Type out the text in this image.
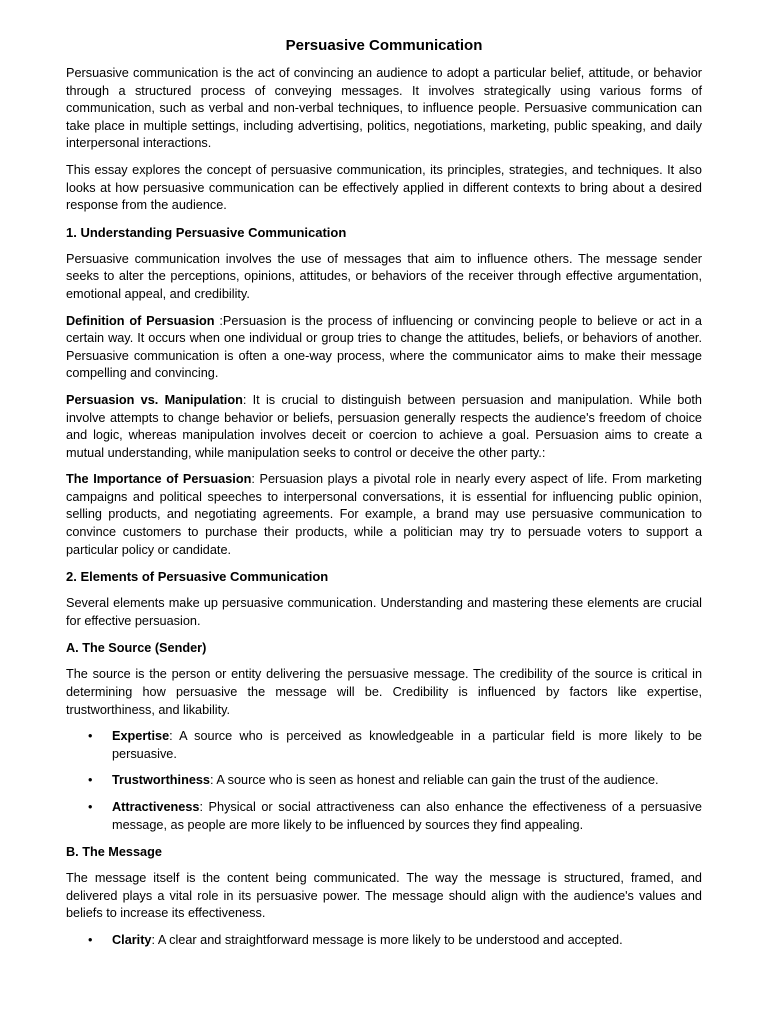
Persuasive Communication

Persuasive communication is the act of convincing an audience to adopt a particular belief, attitude, or behavior through a structured process of conveying messages. It involves strategically using various forms of communication, such as verbal and non-verbal techniques, to influence people. Persuasive communication can take place in multiple settings, including advertising, politics, negotiations, marketing, public speaking, and daily interpersonal interactions.

This essay explores the concept of persuasive communication, its principles, strategies, and techniques. It also looks at how persuasive communication can be effectively applied in different contexts to bring about a desired response from the audience.

1. Understanding Persuasive Communication

Persuasive communication involves the use of messages that aim to influence others. The message sender seeks to alter the perceptions, opinions, attitudes, or behaviors of the receiver through effective argumentation, emotional appeal, and credibility.

Definition of Persuasion :Persuasion is the process of influencing or convincing people to believe or act in a certain way. It occurs when one individual or group tries to change the attitudes, beliefs, or behaviors of another. Persuasive communication is often a one-way process, where the communicator aims to make their message compelling and convincing.

Persuasion vs. Manipulation: It is crucial to distinguish between persuasion and manipulation. While both involve attempts to change behavior or beliefs, persuasion generally respects the audience's freedom of choice and logic, whereas manipulation involves deceit or coercion to achieve a goal. Persuasion aims to create a mutual understanding, while manipulation seeks to control or deceive the other party.:

The Importance of Persuasion: Persuasion plays a pivotal role in nearly every aspect of life. From marketing campaigns and political speeches to interpersonal conversations, it is essential for influencing public opinion, selling products, and negotiating agreements. For example, a brand may use persuasive communication to convince customers to purchase their products, while a politician may try to persuade voters to support a particular policy or candidate.

2. Elements of Persuasive Communication

Several elements make up persuasive communication. Understanding and mastering these elements are crucial for effective persuasion.

A. The Source (Sender)

The source is the person or entity delivering the persuasive message. The credibility of the source is critical in determining how persuasive the message will be. Credibility is influenced by factors like expertise, trustworthiness, and likability.

• Expertise: A source who is perceived as knowledgeable in a particular field is more likely to be persuasive.
• Trustworthiness: A source who is seen as honest and reliable can gain the trust of the audience.
• Attractiveness: Physical or social attractiveness can also enhance the effectiveness of a persuasive message, as people are more likely to be influenced by sources they find appealing.
B. The Message

The message itself is the content being communicated. The way the message is structured, framed, and delivered plays a vital role in its persuasive power. The message should align with the audience's values and beliefs to increase its effectiveness.

• Clarity: A clear and straightforward message is more likely to be understood and accepted.
